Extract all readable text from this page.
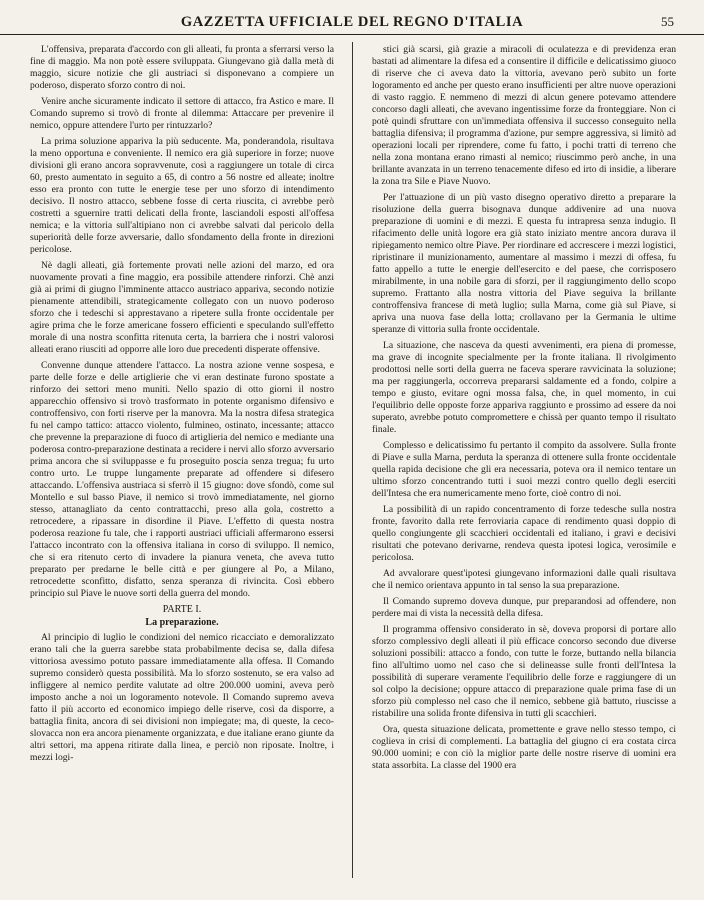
GAZZETTA UFFICIALE DEL REGNO D'ITALIA	55

L'offensiva, preparata d'accordo con gli alleati, fu pronta a sferrarsi verso la fine di maggio. Ma non potè essere sviluppata. Giungevano già dalla metà di maggio, sicure notizie che gli austriaci si disponevano a compiere un poderoso, disperato sforzo contro di noi.

Venire anche sicuramente indicato il settore di attacco, fra Astico e mare. Il Comando supremo si trovò di fronte al dilemma: Attaccare per prevenire il nemico, oppure attendere l'urto per rintuzzarlo?

La prima soluzione appariva la più seducente. Ma, ponderandola, risultava la meno opportuna e conveniente. Il nemico era già superiore in forze; nuove divisioni gli erano ancora sopravvenute, così a raggiungere un totale di circa 60, presto aumentato in seguito a 65, di contro a 56 nostre ed alleate; inoltre esso era pronto con tutte le energie tese per uno sforzo di intendimento decisivo. Il nostro attacco, sebbene fosse di certa riuscita, ci avrebbe però costretti a sguernire tratti delicati della fronte, lasciandoli esposti all'offesa nemica; e la vittoria sull'altipiano non ci avrebbe salvati dal pericolo della superiorità delle forze avversarie, dallo sfondamento della fronte in direzioni pericolose.

Nè dagli alleati, già fortemente provati nelle azioni del marzo, ed ora nuovamente provati a fine maggio, era possibile attendere rinforzi. Chè anzi già ai primi di giugno l'imminente attacco austriaco appariva, secondo notizie pienamente attendibili, strategicamente collegato con un nuovo poderoso sforzo che i tedeschi si apprestavano a ripetere sulla fronte occidentale per agire prima che le forze americane fossero efficienti e speculando sull'effetto morale di una nostra sconfitta ritenuta certa, la barriera che i nostri valorosi alleati erano riusciti ad opporre alle loro due precedenti disperate offensive.

Convenne dunque attendere l'attacco. La nostra azione venne sospesa, e parte delle forze e delle artiglierie che vi eran destinate furono spostate a rinforzo dei settori meno muniti. Nello spazio di otto giorni il nostro apparecchio offensivo si trovò trasformato in potente organismo difensivo e controffensivo, con forti riserve per la manovra. Ma la nostra difesa strategica fu nel campo tattico: attacco violento, fulmineo, ostinato, incessante; attacco che prevenne la preparazione di fuoco di artiglieria del nemico e mediante una poderosa contro-preparazione destinata a recidere i nervi allo sforzo avversario prima ancora che si sviluppasse e fu proseguito poscia senza tregua; fu urto contro urto. Le truppe lungamente preparate ad offendere si difesero attaccando. L'offensiva austriaca si sferrò il 15 giugno: dove sfondò, come sul Montello e sul basso Piave, il nemico si trovò immediatamente, nel giorno stesso, attanagliato da cento contrattacchi, preso alla gola, costretto a retrocedere, a ripassare in disordine il Piave. L'effetto di questa nostra poderosa reazione fu tale, che i rapporti austriaci ufficiali affermarono essersi l'attacco incontrato con la offensiva italiana in corso di sviluppo. Il nemico, che si era ritenuto certo di invadere la pianura veneta, che aveva tutto preparato per predarne le belle città e per giungere al Po, a Milano, retrocedette sconfitto, disfatto, senza speranza di rivincita. Così ebbero principio sul Piave le nuove sorti della guerra del mondo.

PARTE I.

La preparazione.

Al principio di luglio le condizioni del nemico ricacciato e demoralizzato erano tali che la guerra sarebbe stata probabilmente decisa se, dalla difesa vittoriosa avessimo potuto passare immediatamente alla offesa. Il Comando supremo considerò questa possibilità. Ma lo sforzo sostenuto, se era valso ad infliggere al nemico perdite valutate ad oltre 200.000 uomini, aveva però imposto anche a noi un logoramento notevole. Il Comando supremo aveva fatto il più accorto ed economico impiego delle riserve, così da disporre, a battaglia finita, ancora di sei divisioni non impiegate; ma, di queste, la ceco-slovacca non era ancora pienamente organizzata, e due italiane erano giunte da altri settori, ma appena ritirate dalla linea, e perciò non riposate. Inoltre, i mezzi logi-

stici già scarsi, già grazie a miracoli di oculatezza e di previdenza eran bastati ad alimentare la difesa ed a consentire il difficile e delicatissimo giuoco di riserve che ci aveva dato la vittoria, avevano però subito un forte logoramento ed anche per questo erano insufficienti per altre nuove operazioni di vasto raggio. E nemmeno di mezzi di alcun genere potevamo attendere concorso dagli alleati, che avevano ingentissime forze da fronteggiare. Non ci potè quindi sfruttare con un'immediata offensiva il successo conseguito nella battaglia difensiva; il programma d'azione, pur sempre aggressiva, si limitò ad operazioni locali per riprendere, come fu fatto, i pochi tratti di terreno che nella zona montana erano rimasti al nemico; riuscimmo però anche, in una brillante avanzata in un terreno tenacemente difeso ed irto di insidie, a liberare la zona tra Sile e Piave Nuovo.

Per l'attuazione di un più vasto disegno operativo diretto a preparare la risoluzione della guerra bisognava dunque addivenire ad una nuova preparazione di uomini e di mezzi. E questa fu intrapresa senza indugio. Il rifacimento delle unità logore era già stato iniziato mentre ancora durava il ripiegamento nemico oltre Piave. Per riordinare ed accrescere i mezzi logistici, ripristinare il munizionamento, aumentare al massimo i mezzi di offesa, fu fatto appello a tutte le energie dell'esercito e del paese, che corrisposero mirabilmente, in una nobile gara di sforzi, per il raggiungimento dello scopo supremo. Frattanto alla nostra vittoria del Piave seguiva la brillante controffensiva francese di metà luglio; sulla Marna, come già sul Piave, si apriva una nuova fase della lotta; crollavano per la Germania le ultime speranze di vittoria sulla fronte occidentale.

La situazione, che nasceva da questi avvenimenti, era piena di promesse, ma grave di incognite specialmente per la fronte italiana. Il rivolgimento prodottosi nelle sorti della guerra ne faceva sperare ravvicinata la soluzione; ma per raggiungerla, occorreva prepararsi saldamente ed a fondo, colpire a tempo e giusto, evitare ogni mossa falsa, che, in quel momento, in cui l'equilibrio delle opposte forze appariva raggiunto e prossimo ad essere da noi superato, avrebbe potuto compromettere e chissà per quanto tempo il risultato finale.

Complesso e delicatissimo fu pertanto il compito da assolvere. Sulla fronte di Piave e sulla Marna, perduta la speranza di ottenere sulla fronte occidentale quella rapida decisione che gli era necessaria, poteva ora il nemico tentare un ultimo sforzo concentrando tutti i suoi mezzi contro quello degli eserciti dell'Intesa che era numericamente meno forte, cioè contro di noi.

La possibilità di un rapido concentramento di forze tedesche sulla nostra fronte, favorito dalla rete ferroviaria capace di rendimento quasi doppio di quello congiungente gli scacchieri occidentali ed italiano, i gravi e decisivi risultati che potevano derivarne, rendeva questa ipotesi logica, verosimile e pericolosa.

Ad avvalorare quest'ipotesi giungevano informazioni dalle quali risultava che il nemico orientava appunto in tal senso la sua preparazione.

Il Comando supremo doveva dunque, pur preparandosi ad offendere, non perdere mai di vista la necessità della difesa.

Il programma offensivo considerato in sè, doveva proporsi di portare allo sforzo complessivo degli alleati il più efficace concorso secondo due diverse soluzioni possibili: attacco a fondo, con tutte le forze, buttando nella bilancia fino all'ultimo uomo nel caso che si delineasse sulle fronti dell'Intesa la possibilità di superare veramente l'equilibrio delle forze e raggiungere di un sol colpo la decisione; oppure attacco di preparazione quale prima fase di un sforzo più complesso nel caso che il nemico, sebbene già battuto, riuscisse a ristabilire una solida fronte difensiva in tutti gli scacchieri.

Ora, questa situazione delicata, promettente e grave nello stesso tempo, ci coglieva in crisi di complementi. La battaglia del giugno ci era costata circa 90.000 uomini; e con ciò la miglior parte delle nostre riserve di uomini era stata assorbita. La classe del 1900 era
